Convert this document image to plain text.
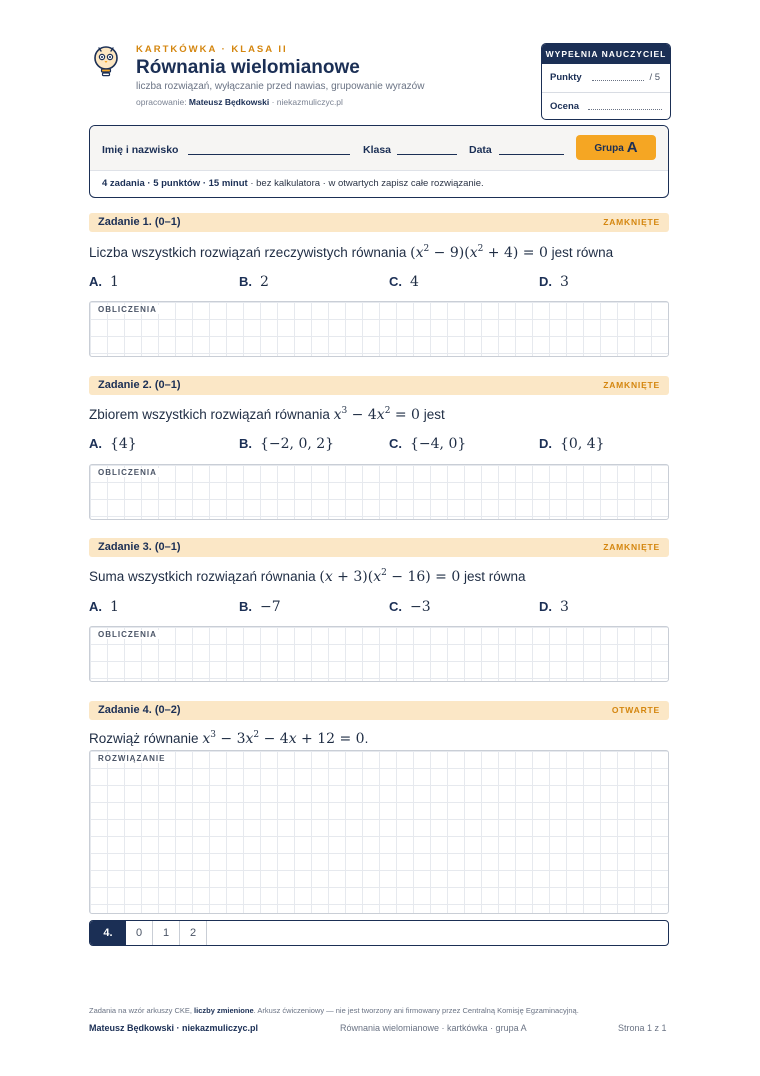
KARTKÓWKA · KLASA II
Równania wielomianowe
liczba rozwiązań, wyłączanie przed nawias, grupowanie wyrazów
opracowanie: Mateusz Będkowski · niekazmuliczyc.pl
WYPEŁNIA NAUCZYCIEL
Punkty	/ 5
Ocena
Imię i nazwisko	Klasa	Data	Grupa A
4 zadania · 5 punktów · 15 minut · bez kalkulatora · w otwartych zapisz całe rozwiązanie.
Zadanie 1. (0–1)	ZAMKNIĘTE
Liczba wszystkich rozwiązań rzeczywistych równania $(x^2 - 9)(x^2 + 4) = 0$ jest równa
A. 1	B. 2	C. 4	D. 3
OBLICZENIA
Zadanie 2. (0–1)	ZAMKNIĘTE
Zbiorem wszystkich rozwiązań równania $x^3 - 4x^2 = 0$ jest
A. {4}	B. {−2, 0, 2}	C. {−4, 0}	D. {0, 4}
OBLICZENIA
Zadanie 3. (0–1)	ZAMKNIĘTE
Suma wszystkich rozwiązań równania $(x + 3)(x^2 - 16) = 0$ jest równa
A. 1	B. −7	C. −3	D. 3
OBLICZENIA
Zadanie 4. (0–2)	OTWARTE
Rozwiąż równanie $x^3 - 3x^2 - 4x + 12 = 0$.
ROZWIĄZANIE
4.	0	1	2
Zadania na wzór arkuszy CKE, liczby zmienione. Arkusz ćwiczeniowy — nie jest tworzony ani firmowany przez Centralną Komisję Egzaminacyjną.
Mateusz Będkowski · niekazmuliczyc.pl	Równania wielomianowe · kartkówka · grupa A	Strona 1 z 1
